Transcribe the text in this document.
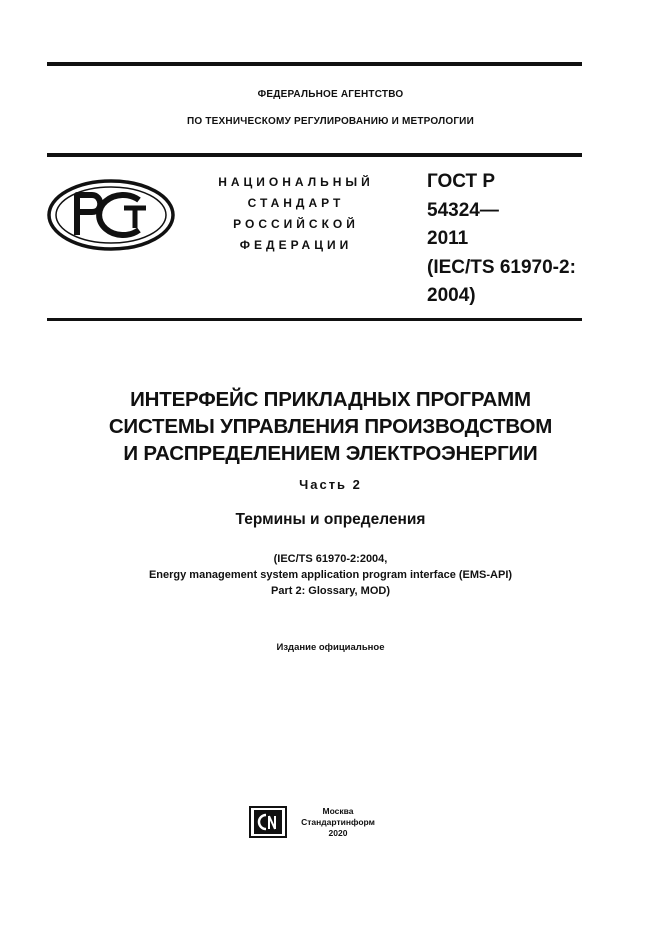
ФЕДЕРАЛЬНОЕ АГЕНТСТВО
ПО ТЕХНИЧЕСКОМУ РЕГУЛИРОВАНИЮ И МЕТРОЛОГИИ
НАЦИОНАЛЬНЫЙ
СТАНДАРТ
РОССИЙСКОЙ
ФЕДЕРАЦИИ
ГОСТ Р
54324—
2011
(IEC/TS 61970-2:
2004)
ИНТЕРФЕЙС ПРИКЛАДНЫХ ПРОГРАММ
СИСТЕМЫ УПРАВЛЕНИЯ ПРОИЗВОДСТВОМ
И РАСПРЕДЕЛЕНИЕМ ЭЛЕКТРОЭНЕРГИИ
Часть 2
Термины и определения
(IEC/TS 61970-2:2004,
Energy management system application program interface (EMS-API)
Part 2: Glossary, MOD)
Издание официальное
Москва
Стандартинформ
2020
